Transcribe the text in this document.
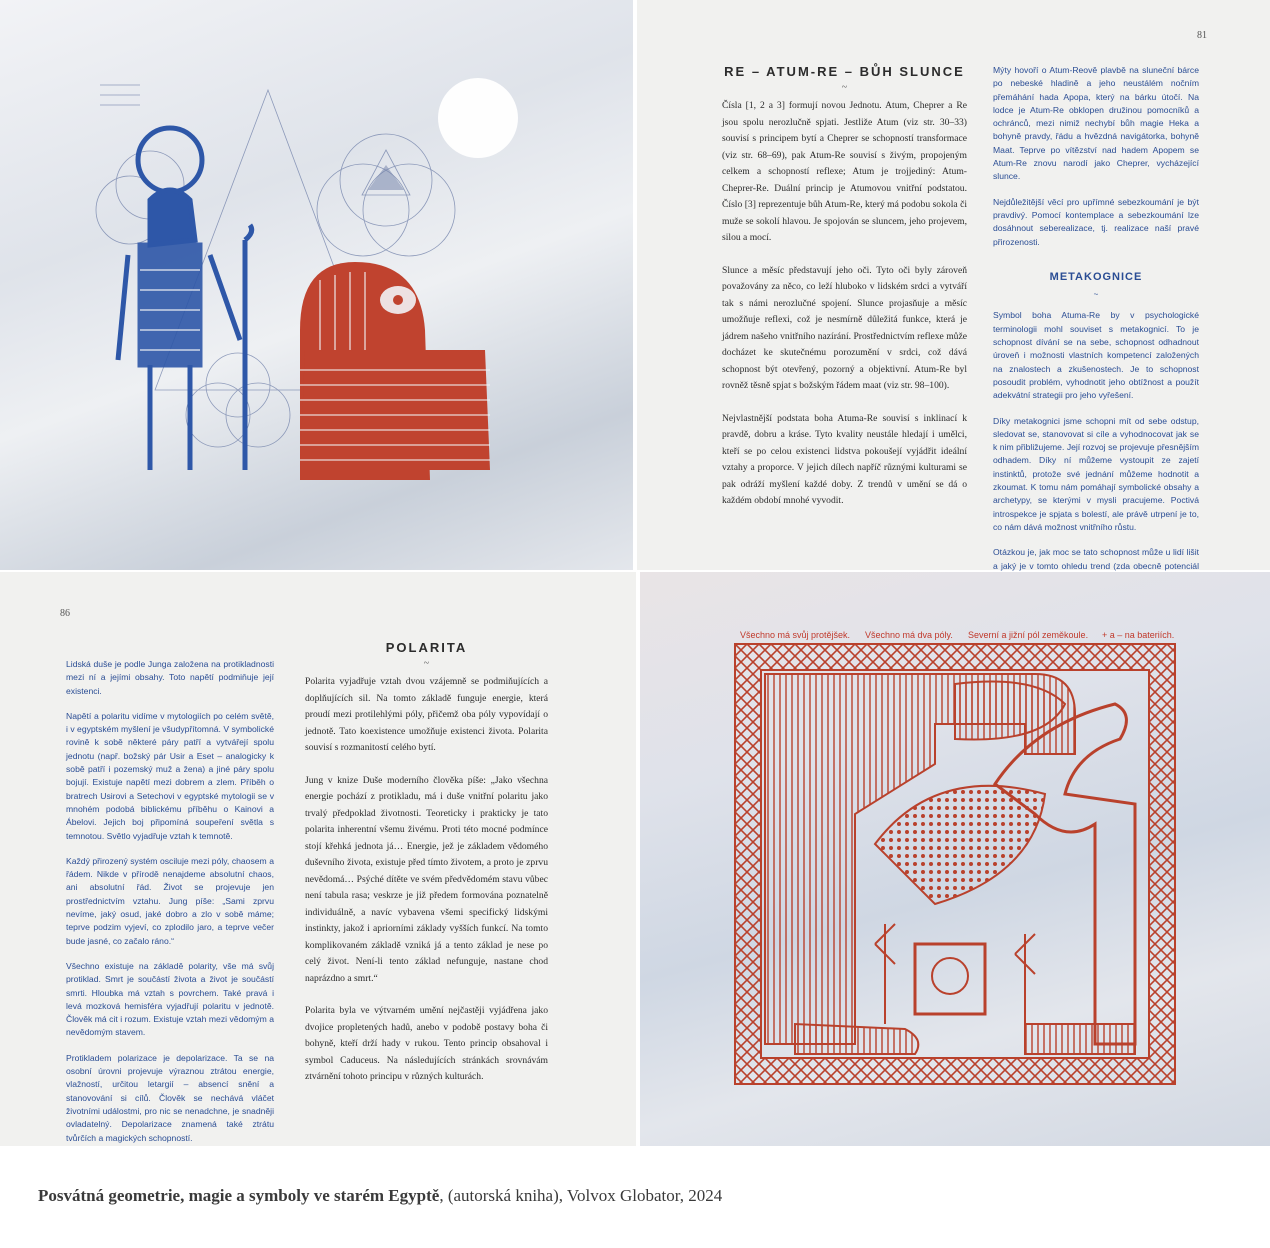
81
RE – ATUM-RE – BŮH SLUNCE
~

Čísla [1, 2 a 3] formují novou Jednotu. Atum, Cheprer a Re jsou spolu nerozlučně spjati. Jestliže Atum (viz str. 30–33) souvisí s principem bytí a Cheprer se schopností transformace (viz str. 68–69), pak Atum-Re souvisí s živým, propojeným celkem a schopností reflexe; Atum je trojjediný: Atum-Cheprer-Re. Duální princip je Atumovou vnitřní podstatou. Číslo [3] reprezentuje bůh Atum-Re, který má podobu sokola či muže se sokolí hlavou. Je spojován se sluncem, jeho projevem, silou a mocí.

Slunce a měsíc představují jeho oči. Tyto oči byly zároveň považovány za něco, co leží hluboko v lidském srdci a vytváří tak s námi nerozlučné spojení. Slunce projasňuje a měsíc umožňuje reflexi, což je nesmírně důležitá funkce, která je jádrem našeho vnitřního nazírání. Prostřednictvím reflexe může docházet ke skutečnému porozumění v srdci, což dává schopnost být otevřený, pozorný a objektivní. Atum-Re byl rovněž těsně spjat s božským řádem maat (viz str. 98–100).

Nejvlastnější podstata boha Atuma-Re souvisí s inklinací k pravdě, dobru a kráse. Tyto kvality neustále hledají i umělci, kteří se po celou existenci lidstva pokoušejí vyjádřit ideální vztahy a proporce. V jejich dílech napříč různými kulturami se pak odráží myšlení každé doby. Z trendů v umění se dá o každém období mnohé vyvodit.

Mýty hovoří o Atum-Reově plavbě na sluneční bárce po nebeské hladině a jeho neustálém nočním přemáhání hada Apopa, který na bárku útočí. Na lodce je Atum-Re obklopen družinou pomocníků a ochránců, mezi nimiž nechybí bůh magie Heka a bohyně pravdy, řádu a hvězdná navigátorka, bohyně Maat. Teprve po vítězství nad hadem Apopem se Atum-Re znovu narodí jako Cheprer, vycházející slunce.

Nejdůležitější věcí pro upřímné sebezkoumání je být pravdivý. Pomocí kontemplace a sebezkoumání lze dosáhnout seberealizace, tj. realizace naší pravé přirozenosti.

METAKOGNICE
~

Symbol boha Atuma-Re by v psychologické terminologii mohl souviset s metakognicí. To je schopnost dívání se na sebe, schopnost odhadnout úroveň i možnosti vlastních kompetencí založených na znalostech a zkušenostech. Je to schopnost posoudit problém, vyhodnotit jeho obtížnost a použít adekvátní strategii pro jeho vyřešení.

Díky metakognici jsme schopni mít od sebe odstup, sledovat se, stanovovat si cíle a vyhodnocovat jak se k nim přibližujeme. Její rozvoj se projevuje přesnějším odhadem. Díky ní můžeme vystoupit ze zajetí instinktů, protože své jednání můžeme hodnotit a zkoumat. K tomu nám pomáhají symbolické obsahy a archetypy, se kterými v mysli pracujeme. Poctivá introspekce je spjata s bolestí, ale právě utrpení je to, co nám dává možnost vnitřního růstu.

Otázkou je, jak moc se tato schopnost může u lidí lišit a jaký je v tomto ohledu trend (zda obecně potenciál

86
POLARITA
~

Lidská duše je podle Junga založena na protikladnosti mezi ní a jejími obsahy. Toto napětí podmiňuje její existenci.

Napětí a polaritu vidíme v mytologiích po celém světě, i v egyptském myšlení je všudypřítomná. V symbolické rovině k sobě některé páry patří a vytvářejí spolu jednotu (např. božský pár Usir a Eset – analogicky k sobě patří i pozemský muž a žena) a jiné páry spolu bojují. Existuje napětí mezi dobrem a zlem. Příběh o bratrech Usirovi a Setechovi v egyptské mytologii se v mnohém podobá biblickému příběhu o Kainovi a Ábelovi. Jejich boj připomíná soupeření světla s temnotou. Světlo vyjadřuje vztah k temnotě.

Každý přirozený systém osciluje mezi póly, chaosem a řádem. Nikde v přírodě nenajdeme absolutní chaos, ani absolutní řád. Život se projevuje jen prostřednictvím vztahu. Jung píše: „Sami zprvu nevíme, jaký osud, jaké dobro a zlo v sobě máme; teprve podzim vyjeví, co zplodilo jaro, a teprve večer bude jasné, co začalo ráno.“

Všechno existuje na základě polarity, vše má svůj protiklad. Smrt je součástí života a život je součástí smrti. Hloubka má vztah s povrchem. Také pravá i levá mozková hemisféra vyjadřují polaritu v jednotě. Člověk má cit i rozum. Existuje vztah mezi vědomým a nevědomým stavem.

Protikladem polarizace je depolarizace. Ta se na osobní úrovni projevuje výraznou ztrátou energie, vlažností, určitou letargií – absencí snění a stanovování si cílů. Člověk se nechává vláčet životními událostmi, pro nic se nenadchne, je snadněji ovladatelný. Depolarizace znamená také ztrátu tvůrčích a magických schopností.

Polarita vyjadřuje vztah dvou vzájemně se podmiňujících a doplňujících sil. Na tomto základě funguje energie, která proudí mezi protilehlými póly, přičemž oba póly vypovídají o jednotě. Tato koexistence umožňuje existenci života. Polarita souvisí s rozmanitostí celého bytí.

Jung v knize Duše moderního člověka píše: „Jako všechna energie pochází z protikladu, má i duše vnitřní polaritu jako trvalý předpoklad životnosti. Teoreticky i prakticky je tato polarita inherentní všemu živému. Proti této mocné podmínce stojí křehká jednota já… Energie, jež je základem vědomého duševního života, existuje před tímto životem, a proto je zprvu nevědomá… Psýché dítěte ve svém předvědomém stavu vůbec není tabula rasa; veskrze je již předem formována poznatelně individuálně, a navíc vybavena všemi specifický lidskými instinkty, jakož i apriorními základy vyšších funkcí. Na tomto komplikovaném základě vzniká já a tento základ je nese po celý život. Není-li tento základ nefunguje, nastane chod naprázdno a smrt.“

Polarita byla ve výtvarném umění nejčastěji vyjádřena jako dvojice propletených hadů, anebo v podobě postavy boha či bohyně, kteří drží hady v rukou. Tento princip obsahoval i symbol Caduceus. Na následujících stránkách srovnávám ztvárnění tohoto principu v různých kulturách.

Všechno má svůj protějšek. Všechno má dva póly. Severní a jižní pól zeměkoule. + a – na bateriích.
Posvátná geometrie, magie a symboly ve starém Egyptě, (autorská kniha), Volvox Globator, 2024
